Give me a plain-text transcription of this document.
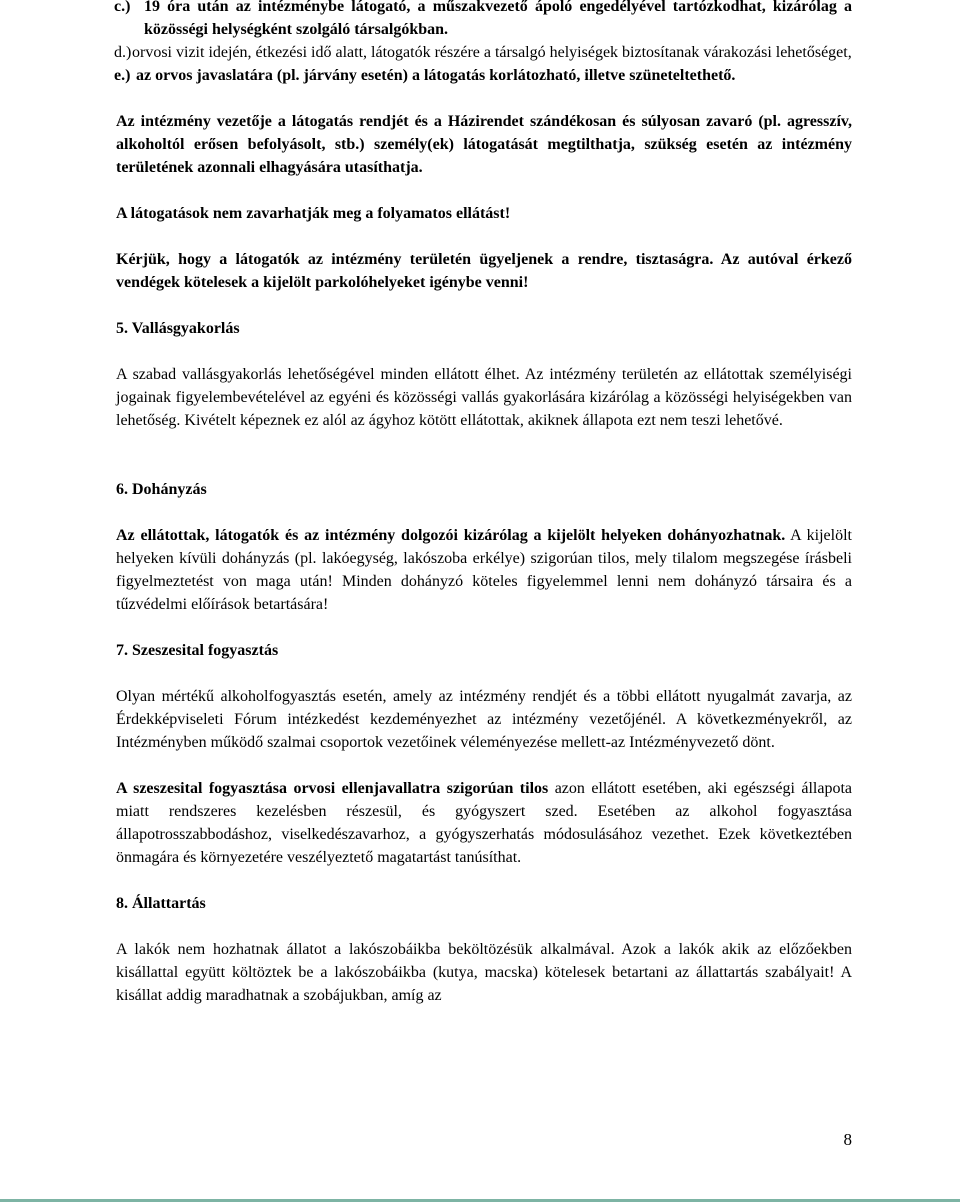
c.) 19 óra után az intézménybe látogató, a műszakvezető ápoló engedélyével tartózkodhat, kizárólag a közösségi helységként szolgáló társalgókban.

d.) orvosi vizit idején, étkezési idő alatt, látogatók részére a társalgó helyiségek biztosítanak várakozási lehetőséget,

e.) az orvos javaslatára (pl. járvány esetén) a látogatás korlátozható, illetve szüneteltethető.

Az intézmény vezetője a látogatás rendjét és a Házirendet szándékosan és súlyosan zavaró (pl. agresszív, alkoholtól erősen befolyásolt, stb.) személy(ek) látogatását megtilthatja, szükség esetén az intézmény területének azonnali elhagyására utasíthatja.

A látogatások nem zavarhatják meg a folyamatos ellátást!

Kérjük, hogy a látogatók az intézmény területén ügyeljenek a rendre, tisztaságra. Az autóval érkező vendégek kötelesek a kijelölt parkolóhelyeket igénybe venni!

5. Vallásgyakorlás

A szabad vallásgyakorlás lehetőségével minden ellátott élhet. Az intézmény területén az ellátottak személyiségi jogainak figyelembevételével az egyéni és közösségi vallás gyakorlására kizárólag a közösségi helyiségekben van lehetőség. Kivételt képeznek ez alól az ágyhoz kötött ellátottak, akiknek állapota ezt nem teszi lehetővé.

6. Dohányzás

Az ellátottak, látogatók és az intézmény dolgozói kizárólag a kijelölt helyeken dohányozhatnak. A kijelölt helyeken kívüli dohányzás (pl. lakóegység, lakószoba erkélye) szigorúan tilos, mely tilalom megszegése írásbeli figyelmeztetést von maga után! Minden dohányzó köteles figyelemmel lenni nem dohányzó társaira és a tűzvédelmi előírások betartására!

7. Szeszesital fogyasztás

Olyan mértékű alkoholfogyasztás esetén, amely az intézmény rendjét és a többi ellátott nyugalmát zavarja, az Érdekképviseleti Fórum intézkedést kezdeményezhet az intézmény vezetőjénél. A következményekről, az Intézményben működő szalmai csoportok vezetőinek véleményezése mellett-az Intézményvezető dönt.

A szeszesital fogyasztása orvosi ellenjavallatra szigorúan tilos azon ellátott esetében, aki egészségi állapota miatt rendszeres kezelésben részesül, és gyógyszert szed. Esetében az alkohol fogyasztása állapotrosszabbodáshoz, viselkedészavarhoz, a gyógyszerhatás módosulásához vezethet. Ezek következtében önmagára és környezetére veszélyeztető magatartást tanúsíthat.

8. Állattartás

A lakók nem hozhatnak állatot a lakószobáikba beköltözésük alkalmával. Azok a lakók akik az előzőekben kisállattal együtt költöztek be a lakószobáikba (kutya, macska) kötelesek betartani az állattartás szabályait! A kisállat addig maradhatnak a szobájukban, amíg az

8
